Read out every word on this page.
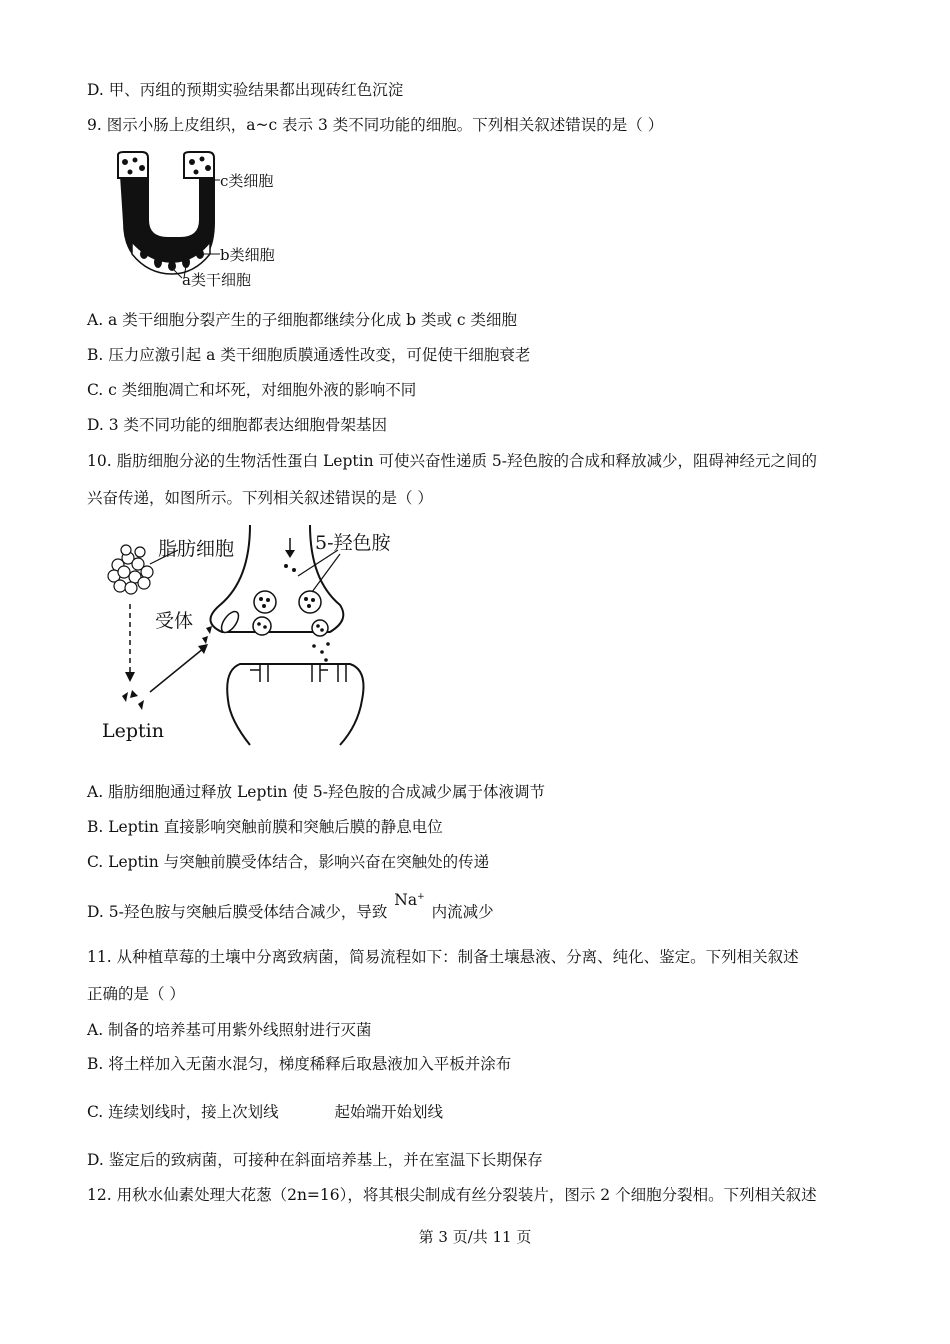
D. 甲、丙组的预期实验结果都出现砖红色沉淀
9. 图示小肠上皮组织，a~c 表示 3 类不同功能的细胞。下列相关叙述错误的是（ ）
c类细胞
b类细胞
a类干细胞
A. a 类干细胞分裂产生的子细胞都继续分化成 b 类或 c 类细胞
B. 压力应激引起 a 类干细胞质膜通透性改变，可促使干细胞衰老
C. c 类细胞凋亡和坏死，对细胞外液的影响不同
D. 3 类不同功能的细胞都表达细胞骨架基因
10. 脂肪细胞分泌的生物活性蛋白 Leptin 可使兴奋性递质 5-羟色胺的合成和释放减少，阻碍神经元之间的
兴奋传递，如图所示。下列相关叙述错误的是（ ）
脂肪细胞	5-羟色胺
受体
Leptin
A. 脂肪细胞通过释放 Leptin 使 5-羟色胺的合成减少属于体液调节
B. Leptin 直接影响突触前膜和突触后膜的静息电位
C. Leptin 与突触前膜受体结合，影响兴奋在突触处的传递
D. 5-羟色胺与突触后膜受体结合减少，导致 Na+ 内流减少
11. 从种植草莓的土壤中分离致病菌，简易流程如下：制备土壤悬液、分离、纯化、鉴定。下列相关叙述
正确的是（ ）
A. 制备的培养基可用紫外线照射进行灭菌
B. 将土样加入无菌水混匀，梯度稀释后取悬液加入平板并涂布
C. 连续划线时，接上次划线	起始端开始划线
D. 鉴定后的致病菌，可接种在斜面培养基上，并在室温下长期保存
12. 用秋水仙素处理大花葱（2n=16），将其根尖制成有丝分裂装片，图示 2 个细胞分裂相。下列相关叙述
第 3 页/共 11 页
